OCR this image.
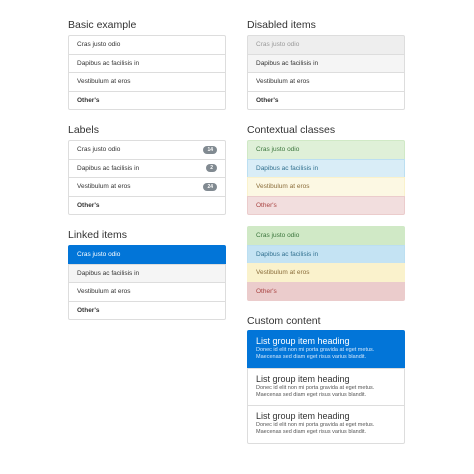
Basic example
Cras justo odio
Dapibus ac facilisis in
Vestibulum at eros
Other's
Labels
Cras justo odio	14
Dapibus ac facilisis in	2
Vestibulum at eros	24
Other's
Linked items
Cras justo odio
Dapibus ac facilisis in
Vestibulum at eros
Other's
Disabled items
Cras justo odio
Dapibus ac facilisis in
Vestibulum at eros
Other's
Contextual classes
Cras justo odio
Dapibus ac facilisis in
Vestibulum at eros
Other's
Cras justo odio
Dapibus ac facilisis in
Vestibulum at eros
Other's
Custom content
List group item heading
Donec id elit non mi porta gravida at eget metus.
Maecenas sed diam eget risus varius blandit.
List group item heading
Donec id elit non mi porta gravida at eget metus.
Maecenas sed diam eget risus varius blandit.
List group item heading
Donec id elit non mi porta gravida at eget metus.
Maecenas sed diam eget risus varius blandit.
